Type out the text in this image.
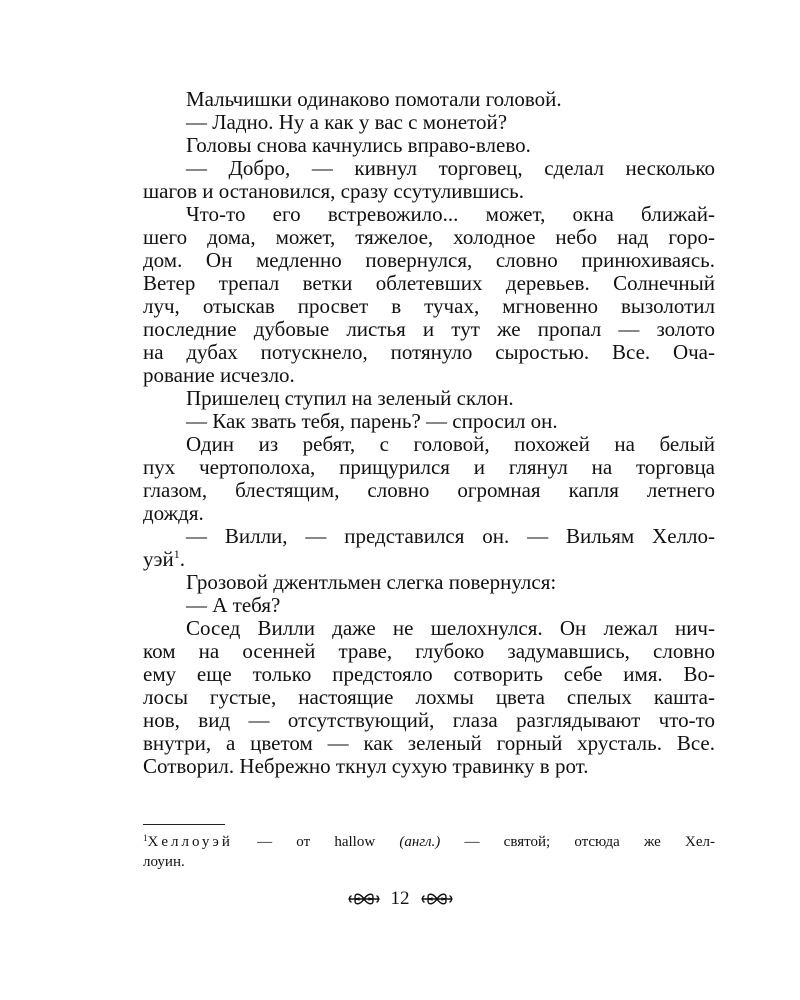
Мальчишки одинаково помотали головой.
— Ладно. Ну а как у вас с монетой?
Головы снова качнулись вправо-влево.
— Добро, — кивнул торговец, сделал несколько
шагов и остановился, сразу ссутулившись.
Что-то его встревожило... может, окна ближай-
шего дома, может, тяжелое, холодное небо над горо-
дом. Он медленно повернулся, словно принюхиваясь.
Ветер трепал ветки облетевших деревьев. Солнечный
луч, отыскав просвет в тучах, мгновенно вызолотил
последние дубовые листья и тут же пропал — золото
на дубах потускнело, потянуло сыростью. Все. Оча-
рование исчезло.
Пришелец ступил на зеленый склон.
— Как звать тебя, парень? — спросил он.
Один из ребят, с головой, похожей на белый
пух чертополоха, прищурился и глянул на торговца
глазом, блестящим, словно огромная капля летнего
дождя.
— Вилли, — представился он. — Вильям Хелло-
уэй$^1$.
Грозовой джентльмен слегка повернулся:
— А тебя?
Сосед Вилли даже не шелохнулся. Он лежал нич-
ком на осенней траве, глубоко задумавшись, словно
ему еще только предстояло сотворить себе имя. Во-
лосы густые, настоящие лохмы цвета спелых кашта-
нов, вид — отсутствующий, глаза разглядывают что-то
внутри, а цветом — как зеленый горный хрусталь. Все.
Сотворил. Небрежно ткнул сухую травинку в рот.
$^1$Хеллоуэй — от hallow (англ.) — святой; отсюда же Хел-
лоуин.
12
